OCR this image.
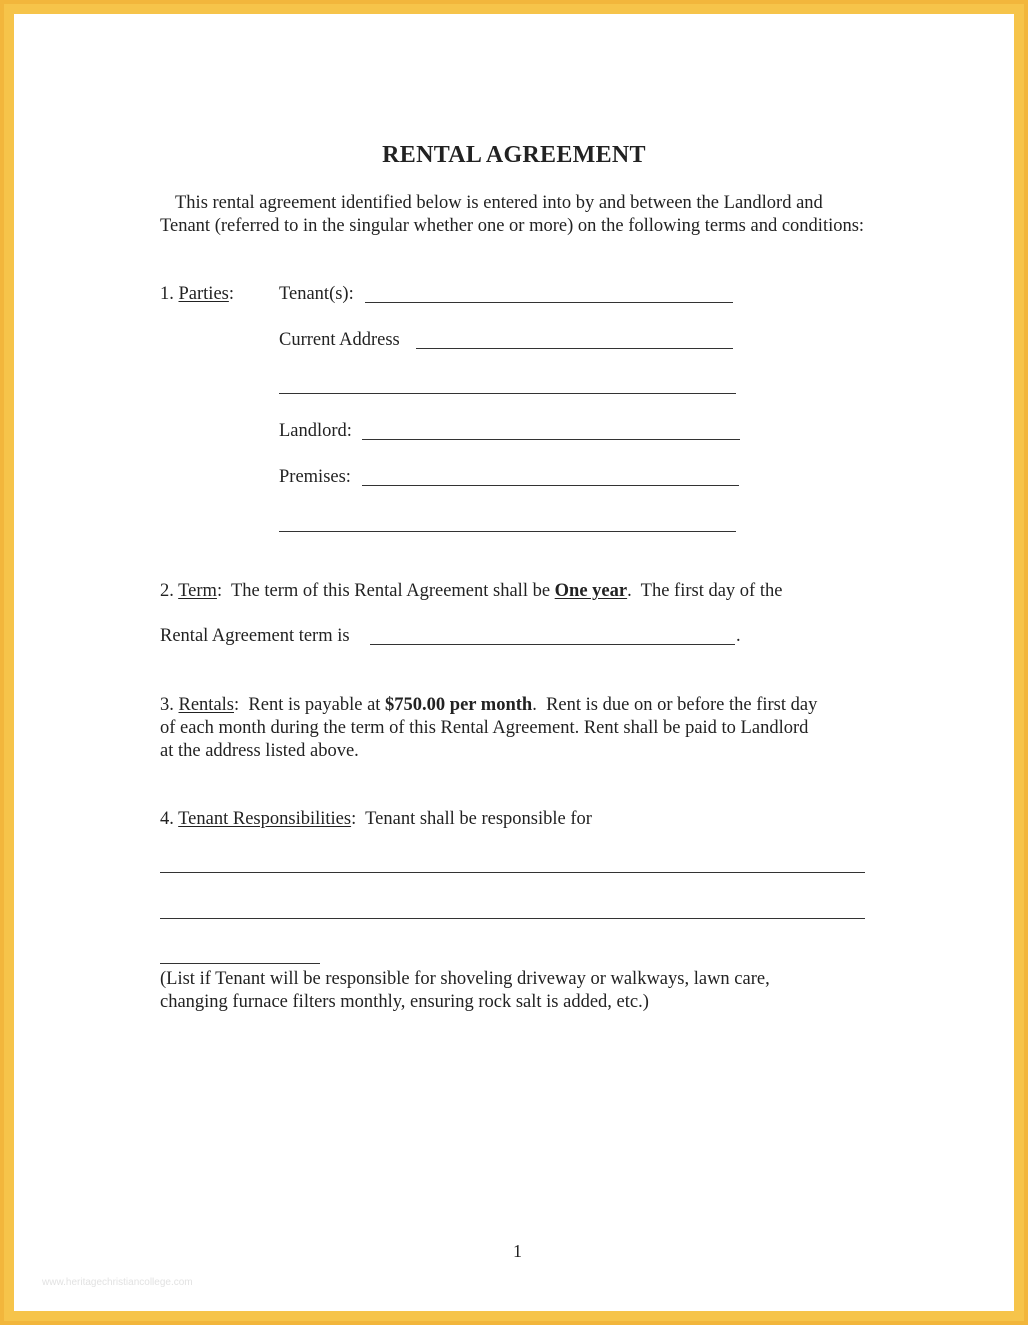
RENTAL AGREEMENT
This rental agreement identified below is entered into by and between the Landlord and Tenant (referred to in the singular whether one or more) on the following terms and conditions:
1. Parties: Tenant(s):
Current Address
Landlord:
Premises:
2. Term:  The term of this Rental Agreement shall be One year.  The first day of the
Rental Agreement term is	.
3. Rentals:  Rent is payable at $750.00 per month.  Rent is due on or before the first day
of each month during the term of this Rental Agreement. Rent shall be paid to Landlord
at the address listed above.
4. Tenant Responsibilities:  Tenant shall be responsible for
(List if Tenant will be responsible for shoveling driveway or walkways, lawn care,
changing furnace filters monthly, ensuring rock salt is added, etc.)
1
www.heritagechristiancollege.com
